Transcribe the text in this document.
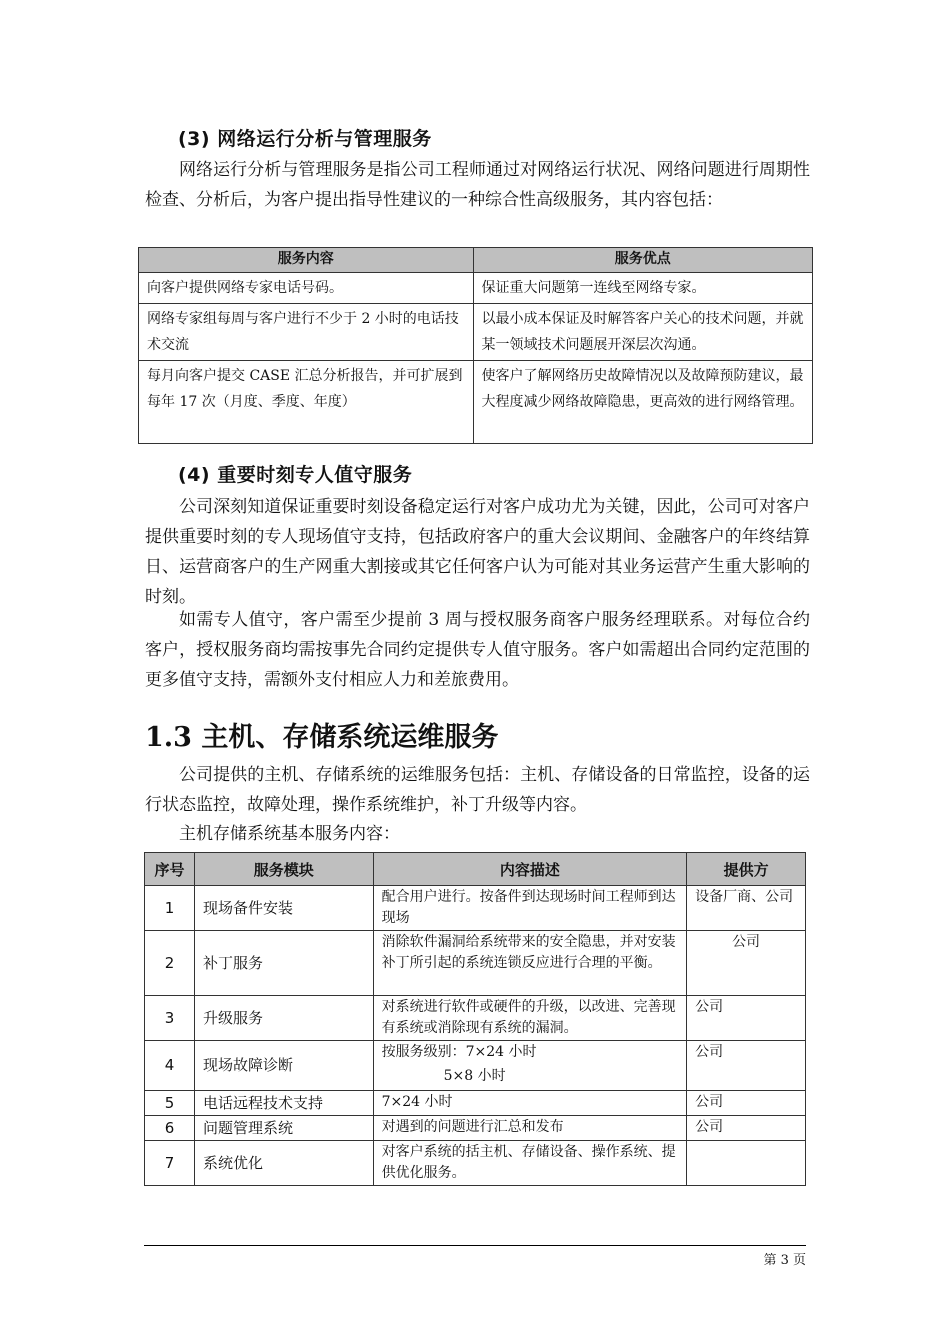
(3) 网络运行分析与管理服务
网络运行分析与管理服务是指公司工程师通过对网络运行状况、网络问题进行周期性检查、分析后，为客户提出指导性建议的一种综合性高级服务，其内容包括：
服务内容	服务优点
向客户提供网络专家电话号码。	保证重大问题第一连线至网络专家。
网络专家组每周与客户进行不少于 2 小时的电话技术交流	以最小成本保证及时解答客户关心的技术问题，并就某一领域技术问题展开深层次沟通。
每月向客户提交 CASE 汇总分析报告，并可扩展到每年 17 次（月度、季度、年度）	使客户了解网络历史故障情况以及故障预防建议，最大程度减少网络故障隐患，更高效的进行网络管理。
(4) 重要时刻专人值守服务
公司深刻知道保证重要时刻设备稳定运行对客户成功尤为关键，因此，公司可对客户提供重要时刻的专人现场值守支持，包括政府客户的重大会议期间、金融客户的年终结算日、运营商客户的生产网重大割接或其它任何客户认为可能对其业务运营产生重大影响的时刻。
如需专人值守，客户需至少提前 3 周与授权服务商客户服务经理联系。对每位合约客户，授权服务商均需按事先合同约定提供专人值守服务。客户如需超出合同约定范围的更多值守支持，需额外支付相应人力和差旅费用。
1.3 主机、存储系统运维服务
公司提供的主机、存储系统的运维服务包括：主机、存储设备的日常监控，设备的运行状态监控，故障处理，操作系统维护，补丁升级等内容。
主机存储系统基本服务内容：
序号	服务模块	内容描述	提供方
1	现场备件安装	配合用户进行。按备件到达现场时间工程师到达现场	设备厂商、公司
2	补丁服务	消除软件漏洞给系统带来的安全隐患，并对安装补丁所引起的系统连锁反应进行合理的平衡。	公司
3	升级服务	对系统进行软件或硬件的升级，以改进、完善现有系统或消除现有系统的漏洞。	公司
4	现场故障诊断	按服务级别：7×24 小时
5×8 小时	公司
5	电话远程技术支持	7×24 小时	公司
6	问题管理系统	对遇到的问题进行汇总和发布	公司
7	系统优化	对客户系统的括主机、存储设备、操作系统、提供优化服务。	
第 3 页
